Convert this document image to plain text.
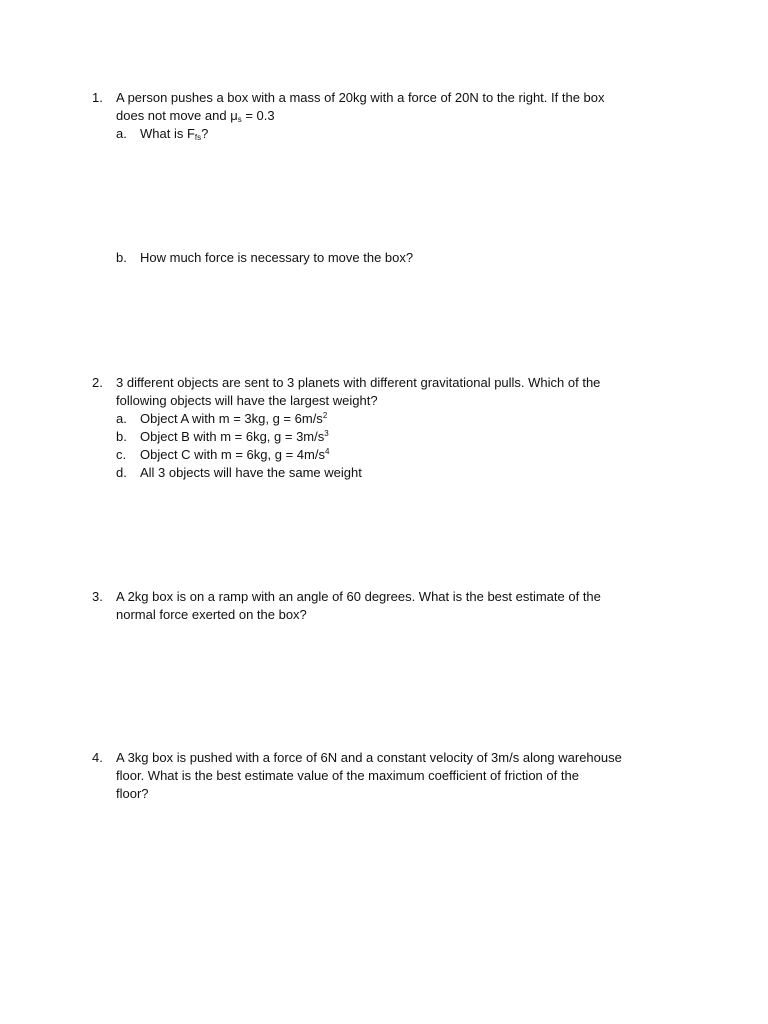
1. A person pushes a box with a mass of 20kg with a force of 20N to the right. If the box
does not move and $\mu_s = 0.3$
a. What is $F_{fs}$?
b. How much force is necessary to move the box?
2. 3 different objects are sent to 3 planets with different gravitational pulls. Which of the
following objects will have the largest weight?
a. Object A with m = 3kg, $g = 6m/s^2$
b. Object B with m = 6kg, $g = 3m/s^3$
c. Object C with m = 6kg, $g = 4m/s^4$
d. All 3 objects will have the same weight
3. A 2kg box is on a ramp with an angle of 60 degrees. What is the best estimate of the
normal force exerted on the box?
4. A 3kg box is pushed with a force of 6N and a constant velocity of 3m/s along warehouse
floor. What is the best estimate value of the maximum coefficient of friction of the
floor?
